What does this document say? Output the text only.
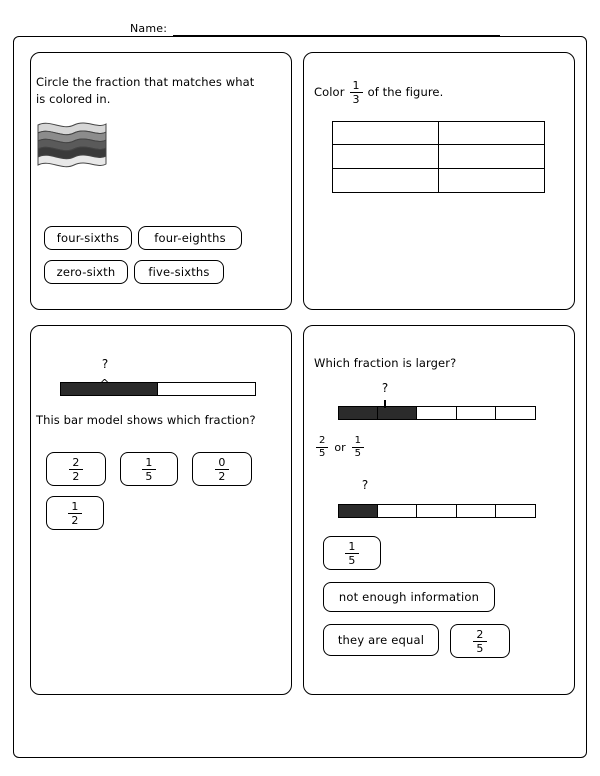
Name:
Circle the fraction that matches what is colored in.
four-sixths	four-eighths
zero-sixth	five-sixths
Color $\frac{1}{3}$ of the figure.
?
This bar model shows which fraction?
$\frac{2}{2}$	$\frac{1}{5}$	$\frac{0}{2}$
$\frac{1}{2}$
Which fraction is larger?
?
$\frac{2}{5}$ or $\frac{1}{5}$
?
$\frac{1}{5}$
not enough information
they are equal	$\frac{2}{5}$
